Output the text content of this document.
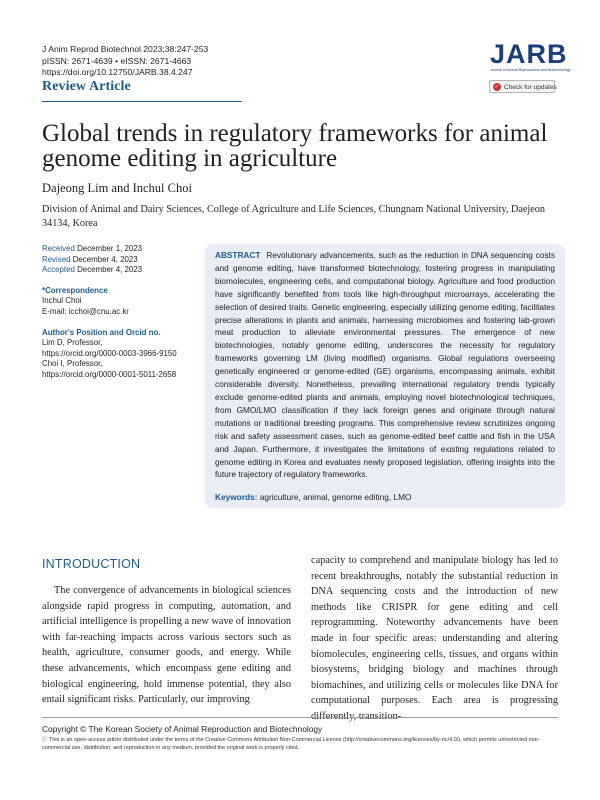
J Anim Reprod Biotechnol 2023;38:247-253
pISSN: 2671-4639 • eISSN: 2671-4663
https://doi.org/10.12750/JARB.38.4.247
Review Article
JARB
Journal of Animal Reproduction and Biotechnology
✓ Check for updates
Global trends in regulatory frameworks for animal genome editing in agriculture
Dajeong Lim and Inchul Choi
Division of Animal and Dairy Sciences, College of Agriculture and Life Sciences, Chungnam National University, Daejeon 34134, Korea
Received December 1, 2023
Revised December 4, 2023
Accepted December 4, 2023
*Correspondence
Inchul Choi
E-mail: icchoi@cnu.ac.kr
Author's Position and Orcid no.
Lim D, Professor,
https://orcid.org/0000-0003-3966-9150
Choi I, Professor,
https://orcid.org/0000-0001-5011-2658
ABSTRACT Revolutionary advancements, such as the reduction in DNA sequencing costs and genome editing, have transformed biotechnology, fostering progress in manipulating biomolecules, engineering cells, and computational biology. Agriculture and food production have significantly benefited from tools like high-throughput microarrays, accelerating the selection of desired traits. Genetic engineering, especially utilizing genome editing, facilitates precise alterations in plants and animals, harnessing microbiomes and fostering lab-grown meat production to alleviate environmental pressures. The emergence of new biotechnologies, notably genome editing, underscores the necessity for regulatory frameworks governing LM (living modified) organisms. Global regulations overseeing genetically engineered or genome-edited (GE) organisms, encompassing animals, exhibit considerable diversity. Nonetheless, prevailing international regulatory trends typically exclude genome-edited plants and animals, employing novel biotechnological techniques, from GMO/LMO classification if they lack foreign genes and originate through natural mutations or traditional breeding programs. This comprehensive review scrutinizes ongoing risk and safety assessment cases, such as genome-edited beef cattle and fish in the USA and Japan. Furthermore, it investigates the limitations of existing regulations related to genome editing in Korea and evaluates newly proposed legislation, offering insights into the future trajectory of regulatory frameworks.
Keywords: agriculture, animal, genome editing, LMO
INTRODUCTION
The convergence of advancements in biological sciences alongside rapid progress in computing, automation, and artificial intelligence is propelling a new wave of innovation with far-reaching impacts across various sectors such as health, agriculture, consumer goods, and energy. While these advancements, which encompass gene editing and biological engineering, hold immense potential, they also entail significant risks. Particularly, our improving
capacity to comprehend and manipulate biology has led to recent breakthroughs, notably the substantial reduction in DNA sequencing costs and the introduction of new methods like CRISPR for gene editing and cell reprogramming. Noteworthy advancements have been made in four specific areas: understanding and altering biomolecules, engineering cells, tissues, and organs within biosystems, bridging biology and machines through biomachines, and utilizing cells or molecules like DNA for computational purposes. Each area is progressing
Copyright © The Korean Society of Animal Reproduction and Biotechnology
ⓒ This is an open-access article distributed under the terms of the Creative Commons Attribution Non-Commercial License (http://creativecommons.org/licenses/by-nc/4.0/), which permits unrestricted non-commercial use, distribution, and reproduction in any medium, provided the original work is properly cited.
